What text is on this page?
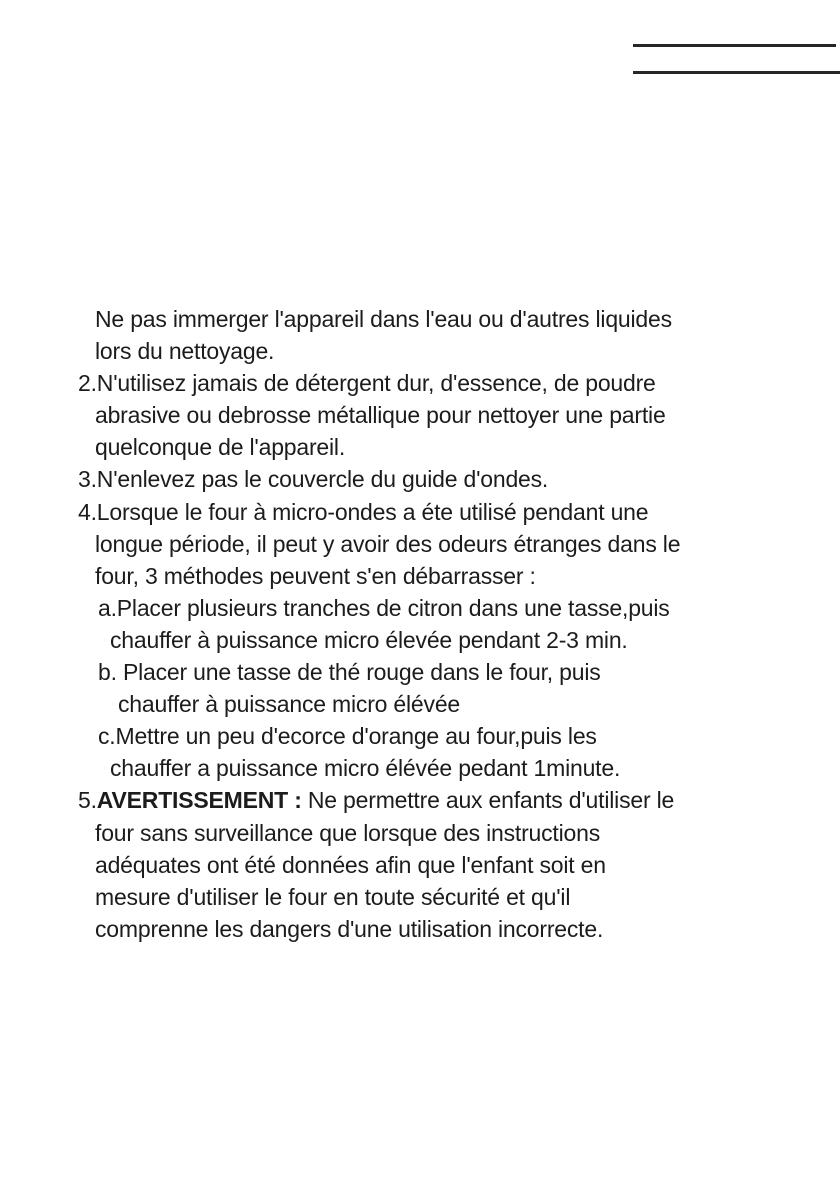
Ne pas immerger l'appareil dans l'eau ou d'autres liquides
lors du nettoyage.
2.N'utilisez jamais de détergent dur, d'essence, de poudre
abrasive ou debrosse métallique pour nettoyer une partie
quelconque de l'appareil.
3.N'enlevez pas le couvercle du guide d'ondes.
4.Lorsque le four à micro-ondes a éte utilisé pendant une
longue période, il peut y avoir des odeurs étranges dans le
four, 3 méthodes peuvent s'en débarrasser :
a.Placer plusieurs tranches de citron dans une tasse,puis
chauffer à puissance micro élevée pendant 2-3 min.
b. Placer une tasse de thé rouge dans le four, puis
chauffer à puissance micro élévée
c.Mettre un peu d'ecorce d'orange au four,puis les
chauffer a puissance micro élévée pedant 1minute.
5.AVERTISSEMENT : Ne permettre aux enfants d'utiliser le
four sans surveillance que lorsque des instructions
adéquates ont été données afin que l'enfant soit en
mesure d'utiliser le four en toute sécurité et qu'il
comprenne les dangers d'une utilisation incorrecte.
